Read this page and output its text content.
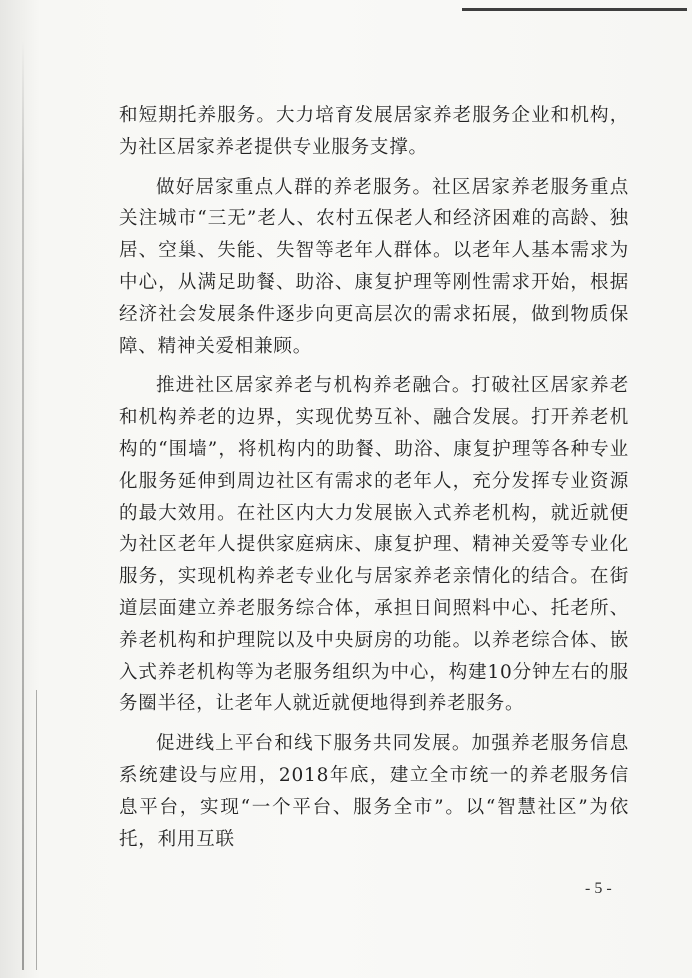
和短期托养服务。大力培育发展居家养老服务企业和机构，为社区居家养老提供专业服务支撑。

做好居家重点人群的养老服务。社区居家养老服务重点关注城市“三无”老人、农村五保老人和经济困难的高龄、独居、空巢、失能、失智等老年人群体。以老年人基本需求为中心，从满足助餐、助浴、康复护理等刚性需求开始，根据经济社会发展条件逐步向更高层次的需求拓展，做到物质保障、精神关爱相兼顾。

推进社区居家养老与机构养老融合。打破社区居家养老和机构养老的边界，实现优势互补、融合发展。打开养老机构的“围墙”，将机构内的助餐、助浴、康复护理等各种专业化服务延伸到周边社区有需求的老年人，充分发挥专业资源的最大效用。在社区内大力发展嵌入式养老机构，就近就便为社区老年人提供家庭病床、康复护理、精神关爱等专业化服务，实现机构养老专业化与居家养老亲情化的结合。在街道层面建立养老服务综合体，承担日间照料中心、托老所、养老机构和护理院以及中央厨房的功能。以养老综合体、嵌入式养老机构等为老服务组织为中心，构建10分钟左右的服务圈半径，让老年人就近就便地得到养老服务。

促进线上平台和线下服务共同发展。加强养老服务信息系统建设与应用，2018年底，建立全市统一的养老服务信息平台，实现“一个平台、服务全市”。以“智慧社区”为依托，利用互联

- 5 -
